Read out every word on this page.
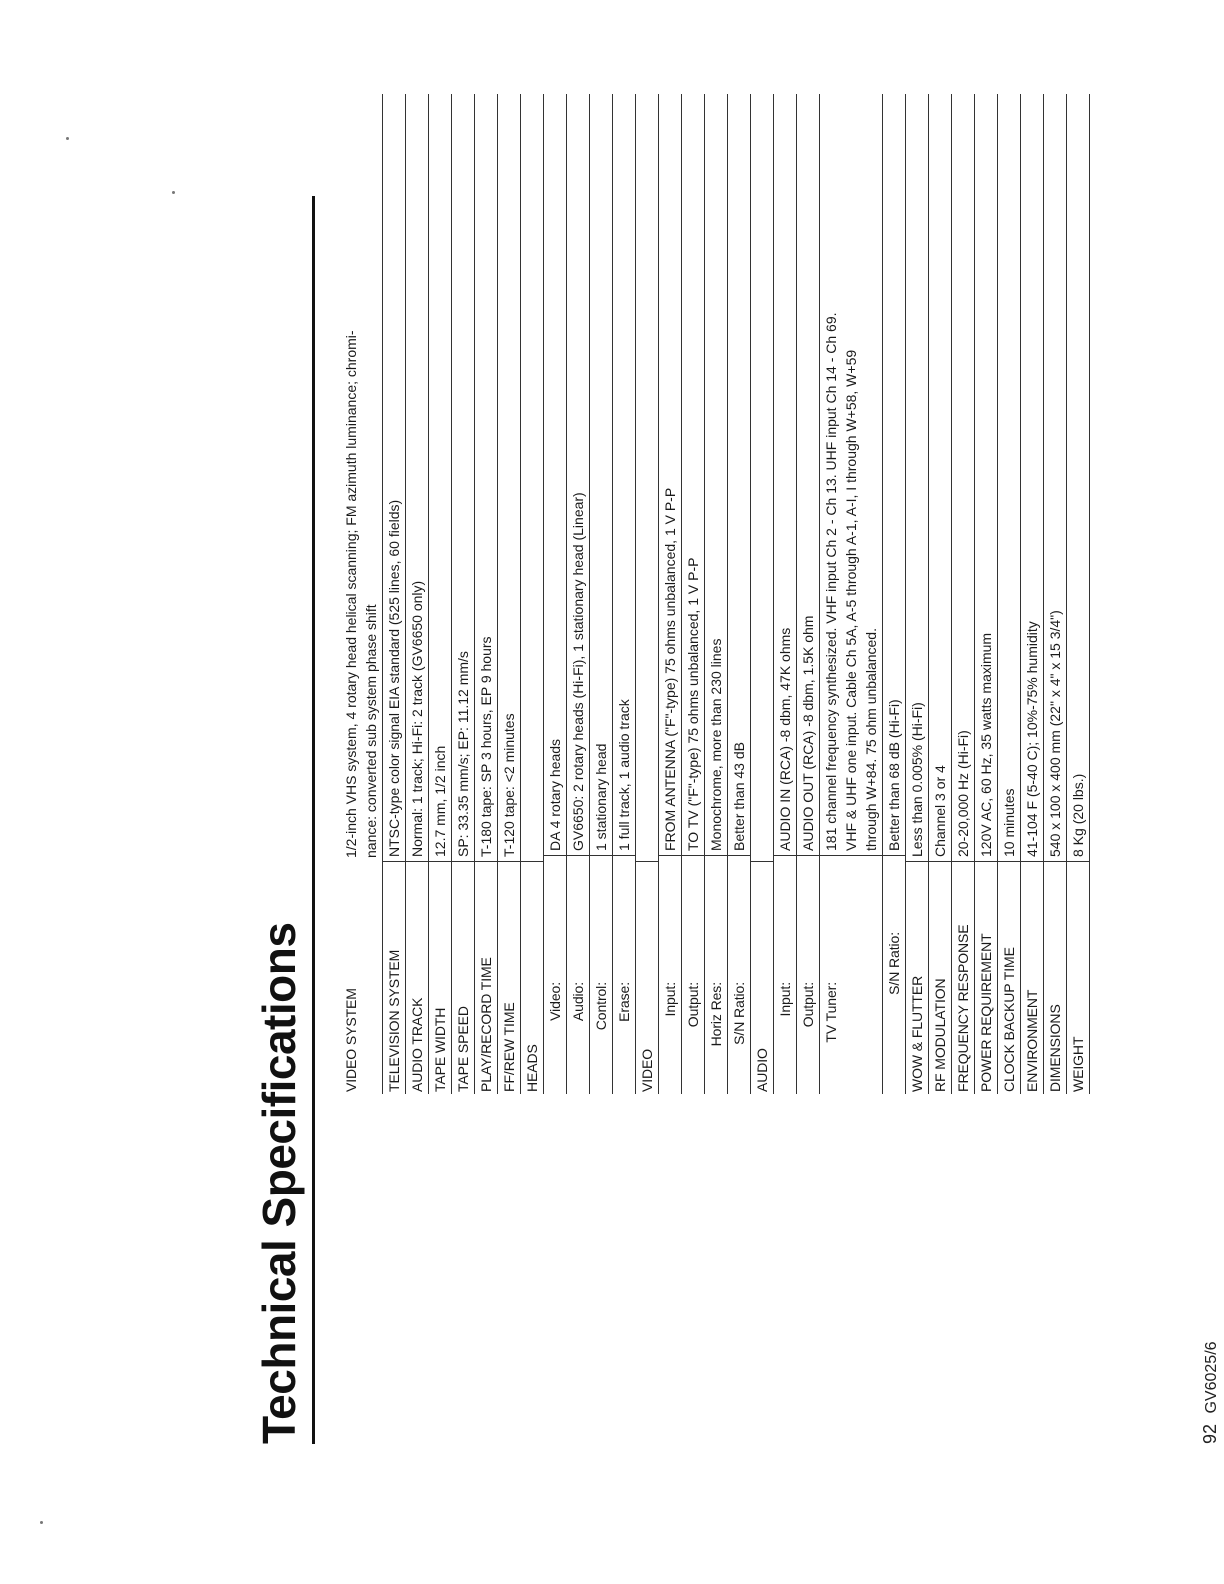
Technical Specifications	VIDEO SYSTEM
1/2-inch VHS system, 4 rotary head helical scanning; FM azimuth luminance; chromi- nance: converted sub system phase shift
TELEVISION SYSTEM
NTSC-type color signal EIA standard (525 lines, 60 fields)
AUDIO TRACK
Normal: 1 track; Hi-Fi: 2 track (GV6650 only)
TAPE WIDTH
12.7 mm, 1/2 inch
TAPE SPEED
SP: 33.35 mm/s; EP: 11.12 mm/s
PLAY/RECORD TIME
T-180 tape: SP 3 hours, EP 9 hours
FF/REW TIME
T-120 tape: <2 minutes
HEADS

Video:
DA 4 rotary heads
Audio:
GV6650: 2 rotary heads (Hi-Fi), 1 stationary head (Linear)
Control:
1 stationary head
Erase:
1 full track, 1 audio track
VIDEO

Input:
FROM ANTENNA ("F"-type) 75 ohms unbalanced, 1 V P-P
Output:
TO TV ("F"-type) 75 ohms unbalanced, 1 V P-P
Horiz Res:
Monochrome, more than 230 lines
S/N Ratio:
Better than 43 dB
AUDIO

Input:
AUDIO IN (RCA) -8 dbm, 47K ohms
Output:
AUDIO OUT (RCA) -8 dbm, 1.5K ohm
TV Tuner:
181 channel frequency synthesized. VHF input Ch 2 - Ch 13. UHF input Ch 14 - Ch 69. VHF & UHF one input. Cable Ch 5A, A-5 through A-1, A-I, I through W+58, W+59 through W+84. 75 ohm unbalanced.
S/N Ratio:
Better than 68 dB (Hi-Fi)
WOW & FLUTTER
Less than 0.005% (Hi-Fi)
RF MODULATION
Channel 3 or 4
FREQUENCY RESPONSE
20-20,000 Hz (Hi-Fi)
POWER REQUIREMENT
120V AC, 60 Hz, 35 watts maximum
CLOCK BACKUP TIME
10 minutes
ENVIRONMENT
41-104 F (5-40 C); 10%-75% humidity
DIMENSIONS
540 x 100 x 400 mm (22" x 4" x 15 3/4")
WEIGHT
8 Kg (20 lbs.)
92 GV6025/6
